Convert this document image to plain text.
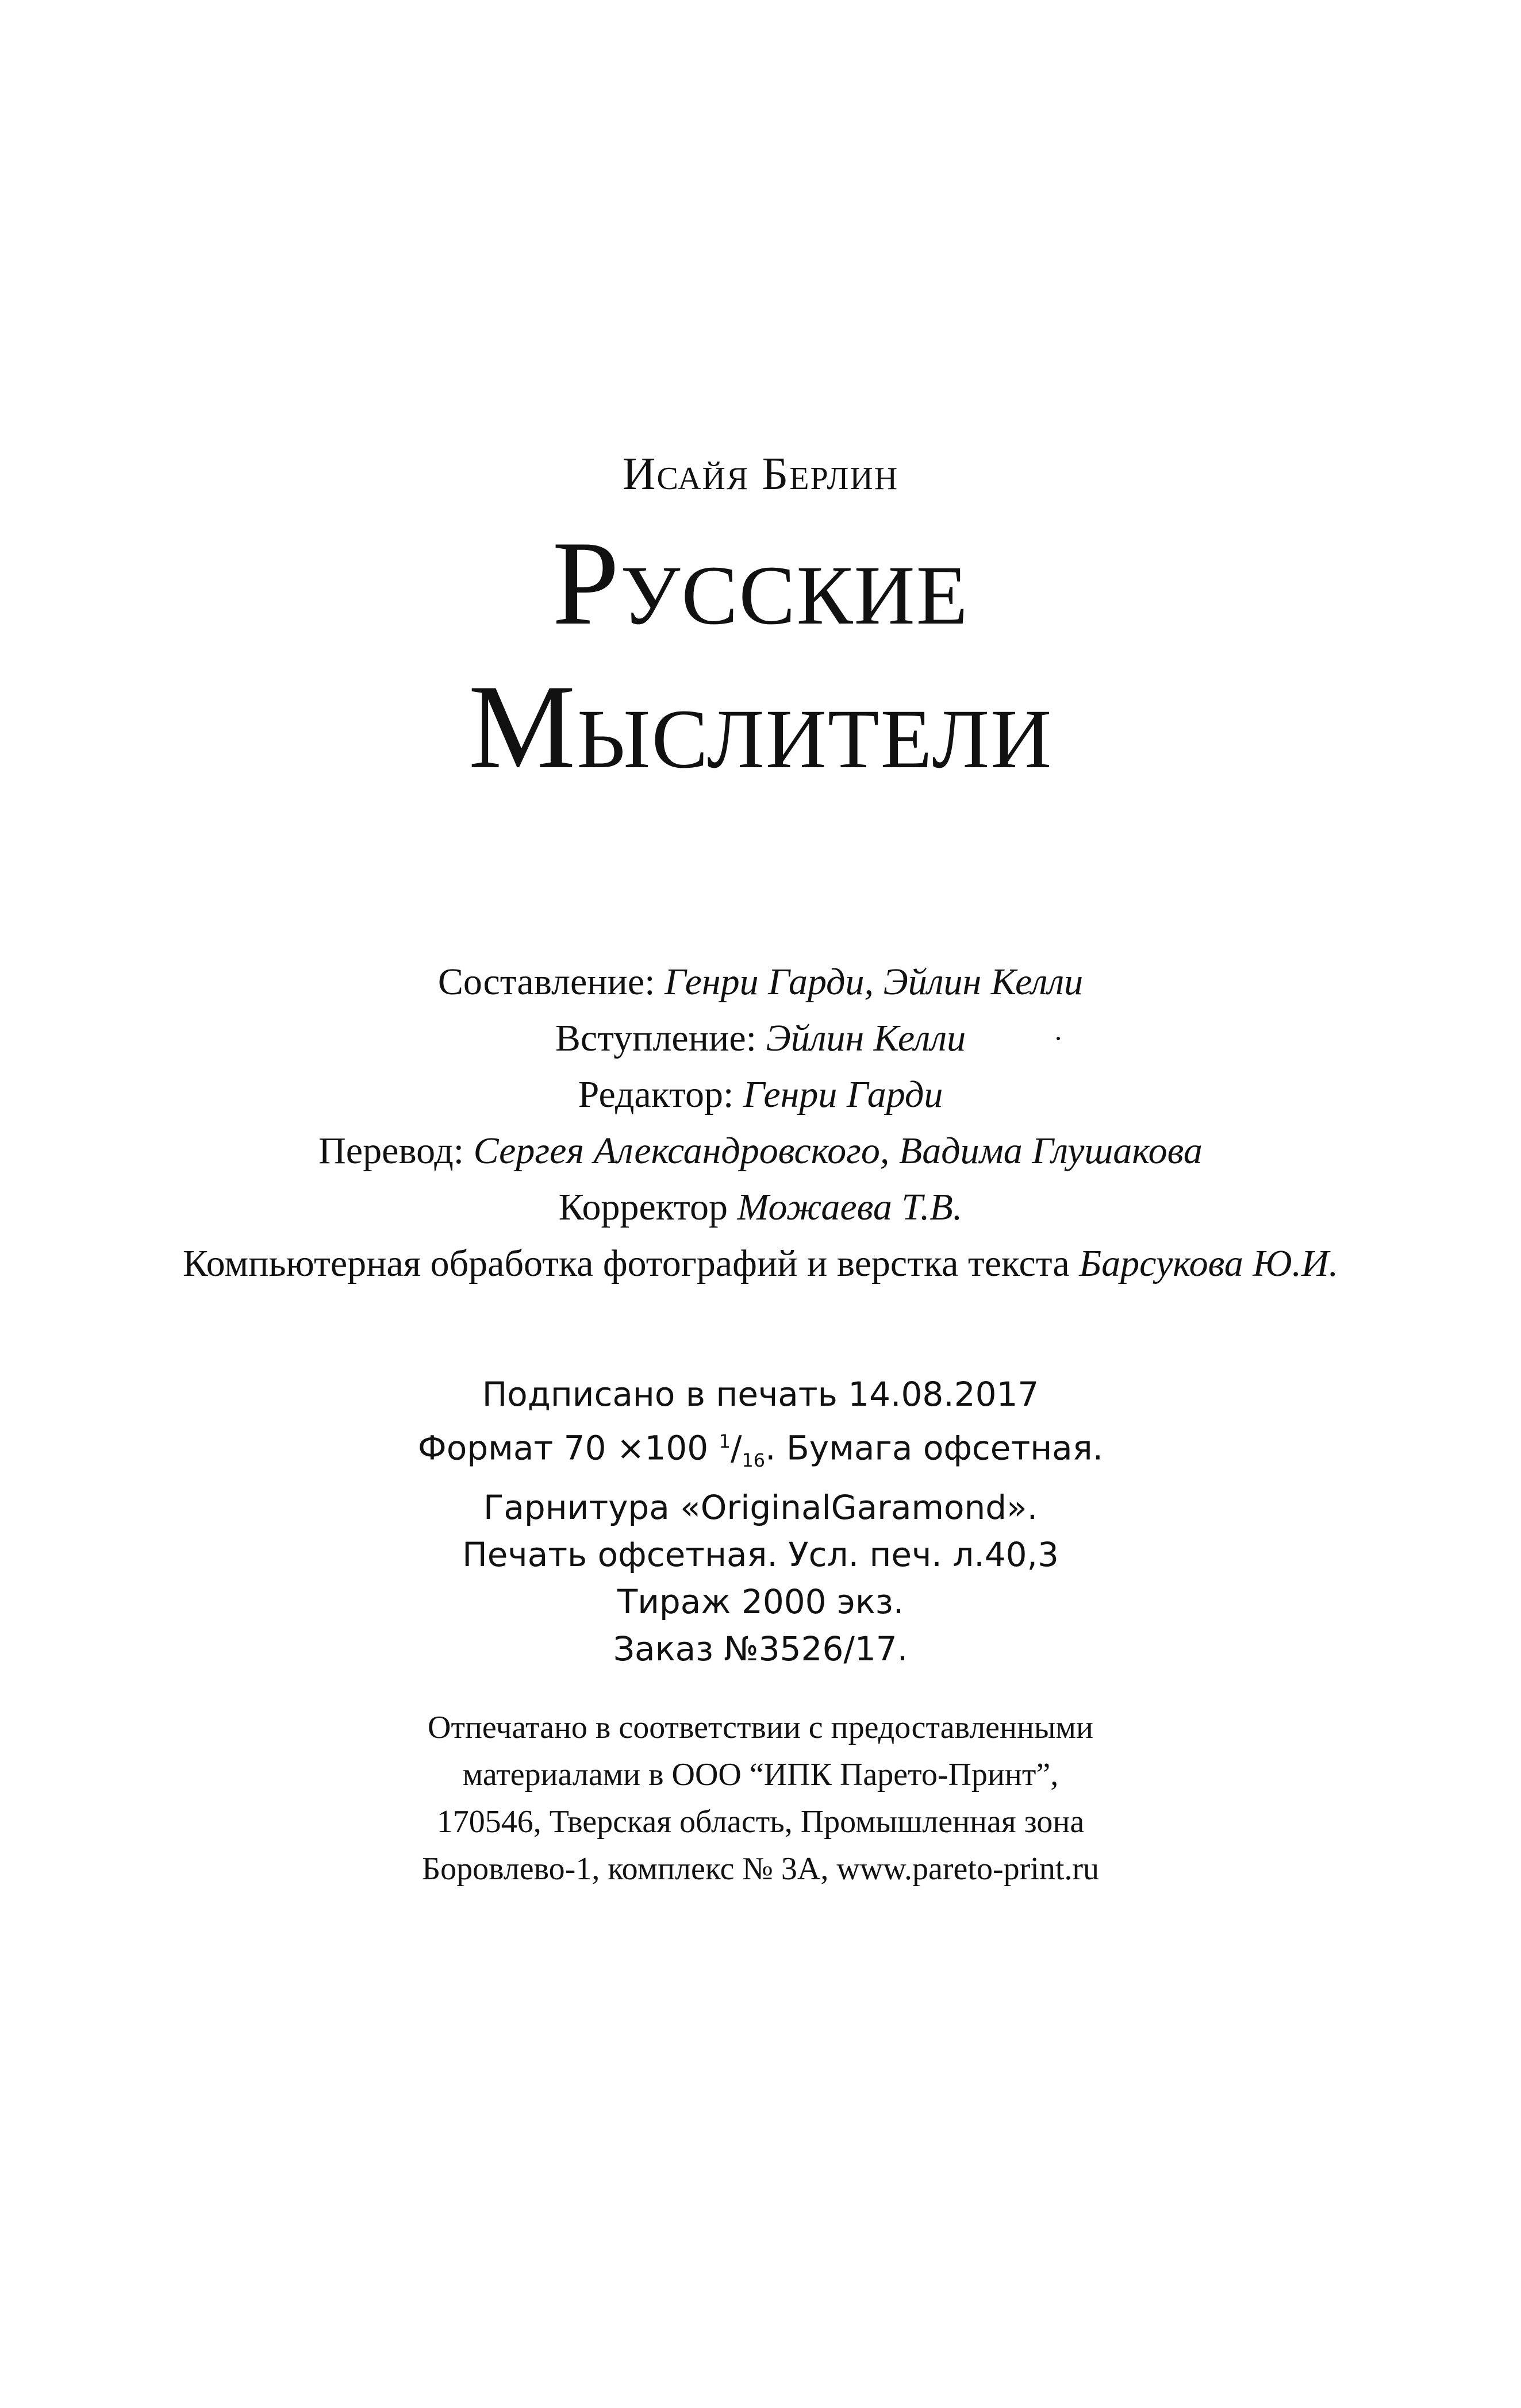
Исайя Берлин
Русские
Мыслители
Составление: Генри Гарди, Эйлин Келли
Вступление: Эйлин Келли
Редактор: Генри Гарди
Перевод: Сергея Александровского, Вадима Глушакова
Корректор Можаева Т.В.
Компьютерная обработка фотографий и верстка текста Барсукова Ю.И.
Подписано в печать 14.08.2017
Формат 70 ×100 $^1/_{16}$. Бумага офсетная.
Гарнитура «OriginalGaramond».
Печать офсетная. Усл. печ. л.40,3
Тираж 2000 экз.
Заказ №3526/17.
Отпечатано в соответствии с предоставленными
материалами в ООО “ИПК Парето-Принт”,
170546, Тверская область, Промышленная зона
Боровлево-1, комплекс № 3А, www.pareto-print.ru
